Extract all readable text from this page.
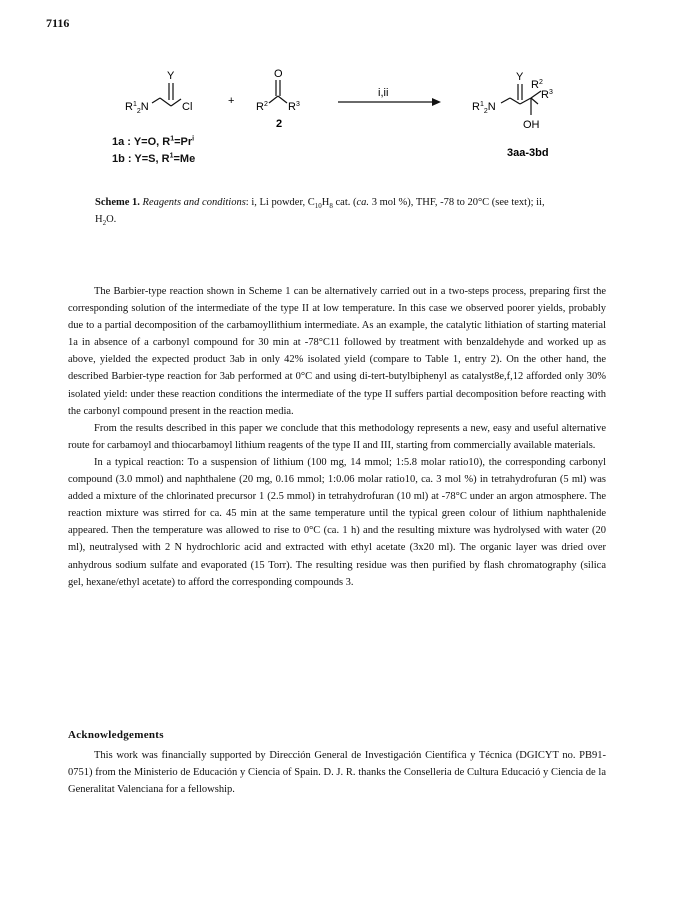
7116
Y
$R^1_2N$	Cl	+
O
$R^2$ $R^3$
2
i,ii
Y
$R^2$
$R^3$
$R^1_2N$
OH
3aa-3bd
1a : Y=O, $R^1=Pr^i$
1b : Y=S, $R^1=Me$
Scheme 1. Reagents and conditions: i, Li powder, $C_{10}H_8$ cat. (ca. 3 mol %), THF, -78 to 20°C (see text); ii, $H_2O$.

The Barbier-type reaction shown in Scheme 1 can be alternatively carried out in a two-steps process, preparing first the corresponding solution of the intermediate of the type II at low temperature. In this case we observed poorer yields, probably due to a partial decomposition of the carbamoyllithium intermediate. As an example, the catalytic lithiation of starting material 1a in absence of a carbonyl compound for 30 min at -78°C11 followed by treatment with benzaldehyde and worked up as above, yielded the expected product 3ab in only 42% isolated yield (compare to Table 1, entry 2). On the other hand, the described Barbier-type reaction for 3ab performed at 0°C and using di-tert-butylbiphenyl as catalyst8e,f,12 afforded only 30% isolated yield: under these reaction conditions the intermediate of the type II suffers partial decomposition before reacting with the carbonyl compound present in the reaction media.

From the results described in this paper we conclude that this methodology represents a new, easy and useful alternative route for carbamoyl and thiocarbamoyl lithium reagents of the type II and III, starting from commercially available materials.

In a typical reaction: To a suspension of lithium (100 mg, 14 mmol; 1:5.8 molar ratio10), the corresponding carbonyl compound (3.0 mmol) and naphthalene (20 mg, 0.16 mmol; 1:0.06 molar ratio10, ca. 3 mol %) in tetrahydrofuran (5 ml) was added a mixture of the chlorinated precursor 1 (2.5 mmol) in tetrahydrofuran (10 ml) at -78°C under an argon atmosphere. The reaction mixture was stirred for ca. 45 min at the same temperature until the typical green colour of lithium naphthalenide appeared. Then the temperature was allowed to rise to 0°C (ca. 1 h) and the resulting mixture was hydrolysed with water (20 ml), neutralysed with 2 N hydrochloric acid and extracted with ethyl acetate (3x20 ml). The organic layer was dried over anhydrous sodium sulfate and evaporated (15 Torr). The resulting residue was then purified by flash chromatography (silica gel, hexane/ethyl acetate) to afford the corresponding compounds 3.

Acknowledgements

This work was financially supported by Dirección General de Investigación Científica y Técnica (DGICYT no. PB91-0751) from the Ministerio de Educación y Ciencia of Spain. D. J. R. thanks the Conselleria de Cultura Educació y Ciencia de la Generalitat Valenciana for a fellowship.
